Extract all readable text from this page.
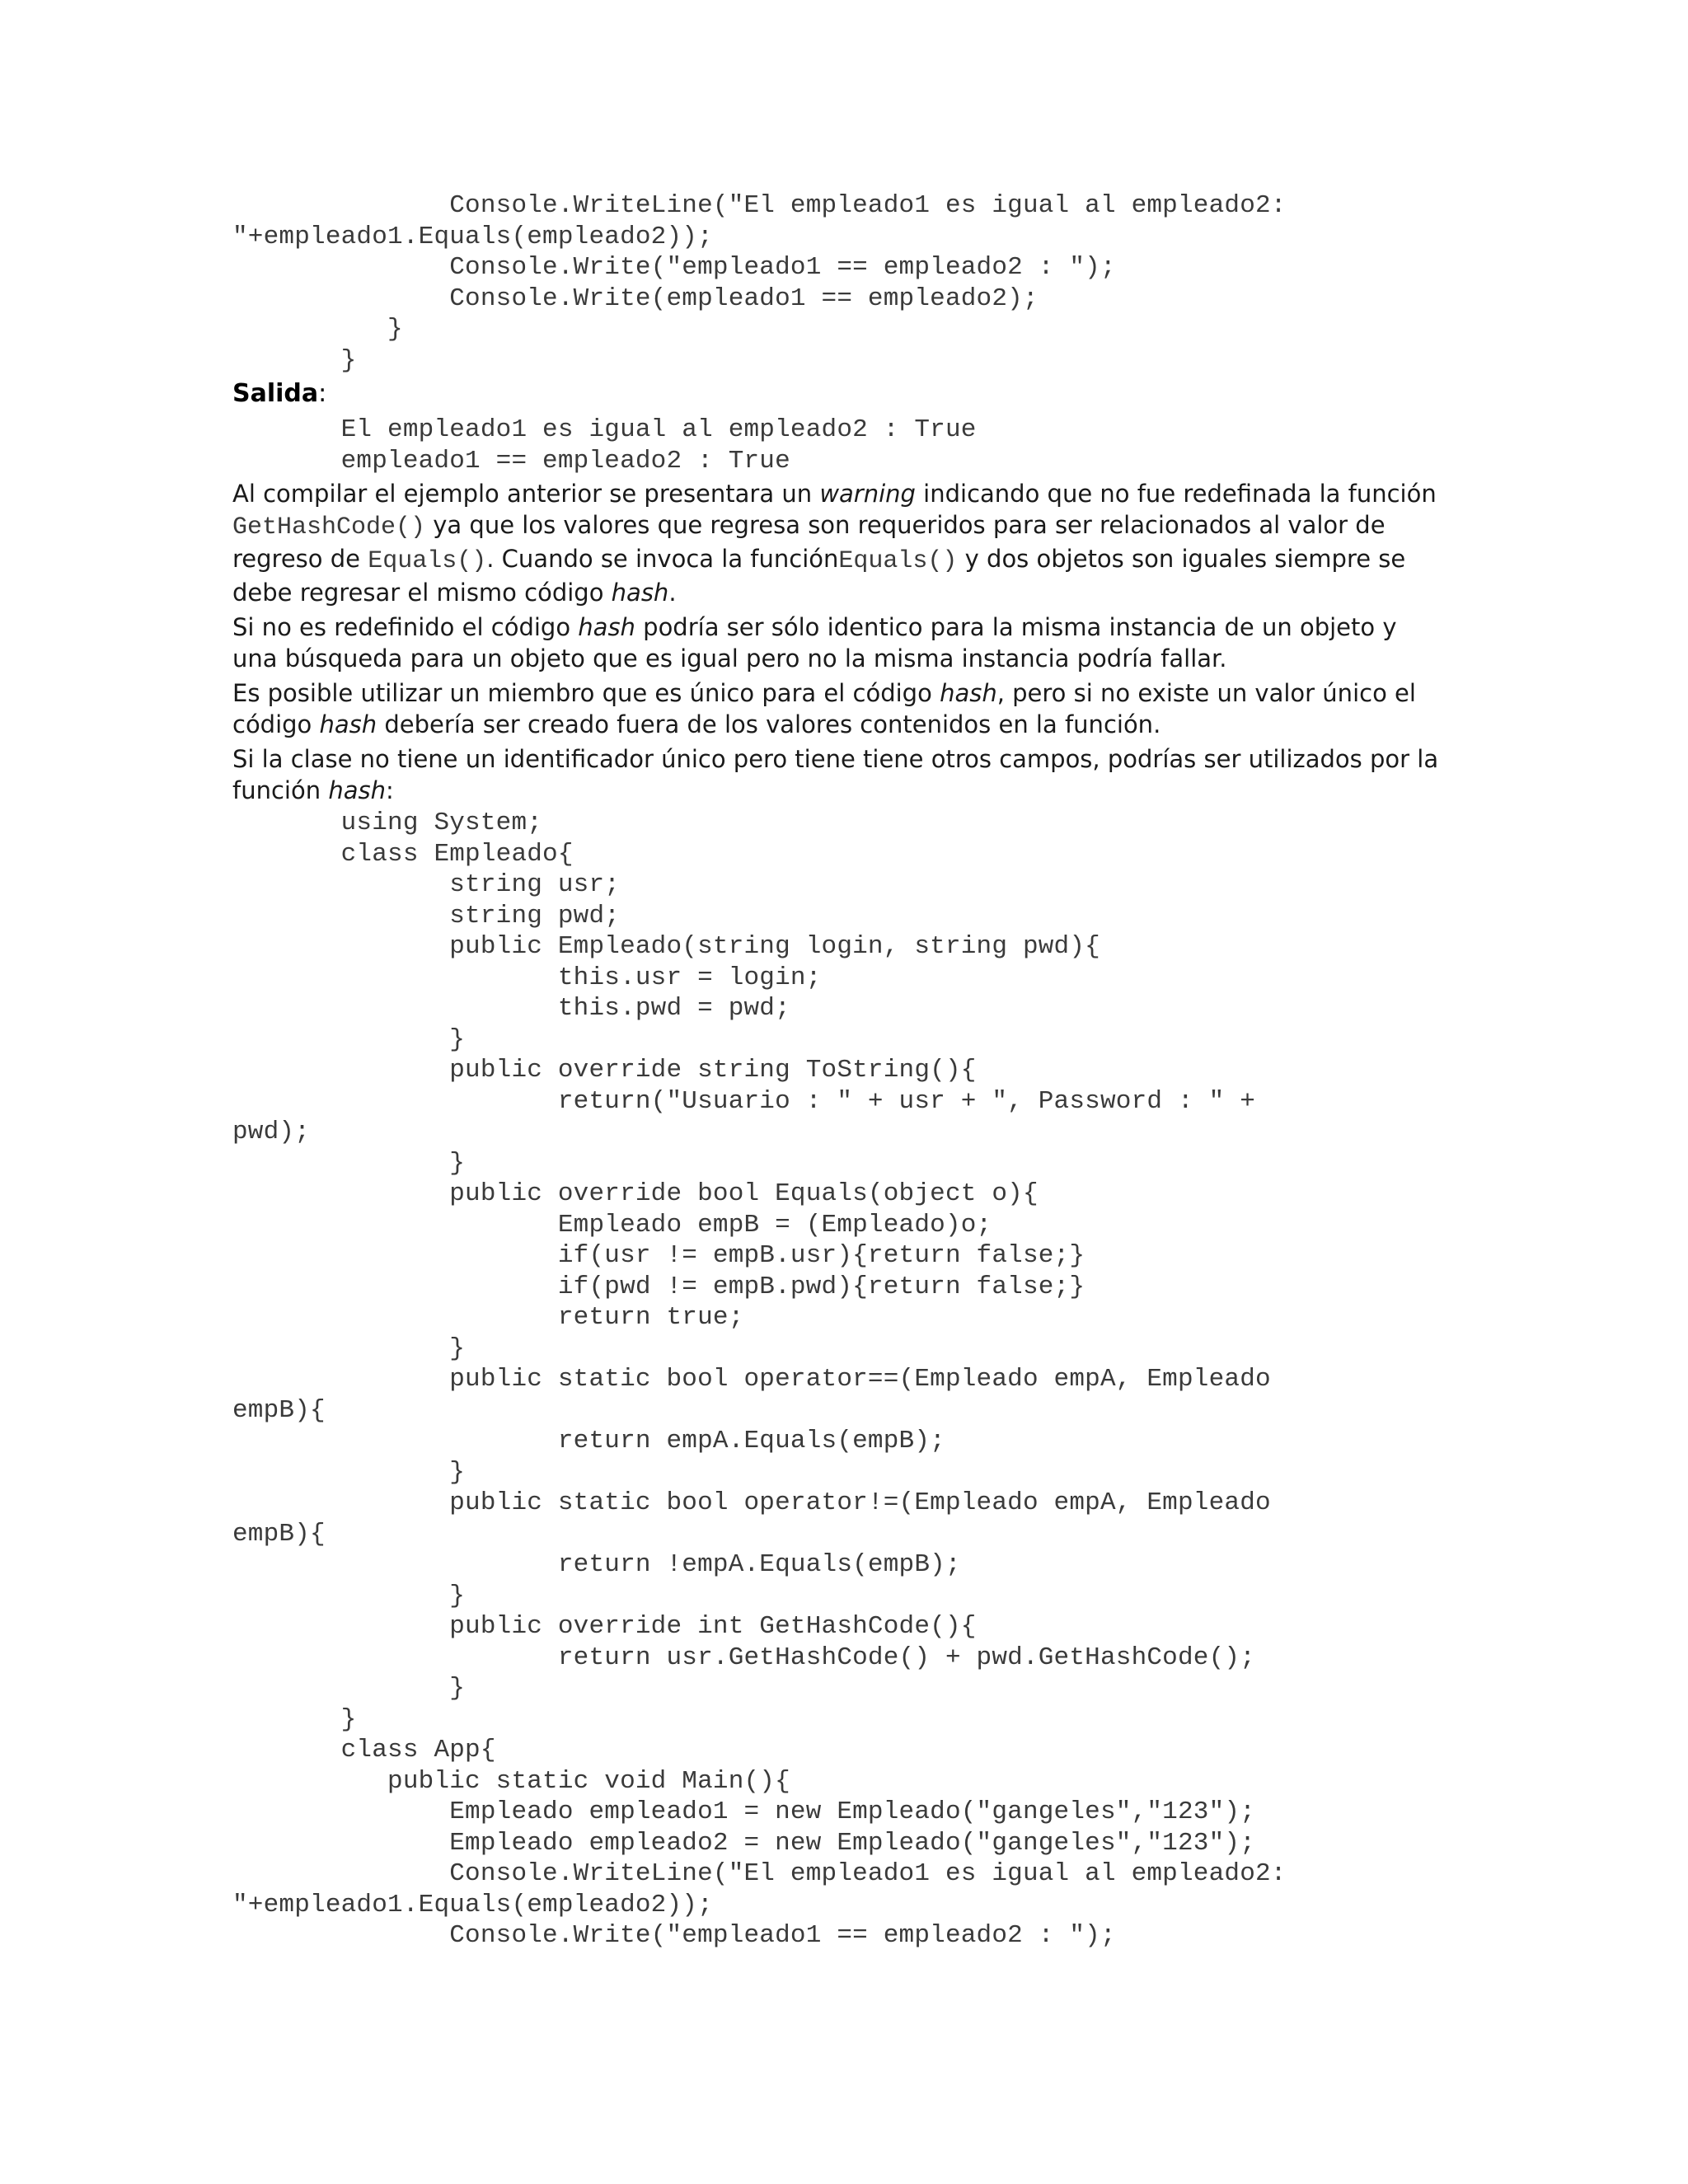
Console.WriteLine("El empleado1 es igual al empleado2:
"+empleado1.Equals(empleado2));
Console.Write("empleado1 == empleado2 : ");
Console.Write(empleado1 == empleado2);
}
}

Salida:
El empleado1 es igual al empleado2 : True
empleado1 == empleado2 : True

Al compilar el ejemplo anterior se presentara un warning indicando que no fue redefinada la función GetHashCode() ya que los valores que regresa son requeridos para ser relacionados al valor de regreso de Equals(). Cuando se invoca la funciónEquals() y dos objetos son iguales siempre se debe regresar el mismo código hash.

Si no es redefinido el código hash podría ser sólo identico para la misma instancia de un objeto y una búsqueda para un objeto que es igual pero no la misma instancia podría fallar.

Es posible utilizar un miembro que es único para el código hash, pero si no existe un valor único el código hash debería ser creado fuera de los valores contenidos en la función.

Si la clase no tiene un identificador único pero tiene tiene otros campos, podrías ser utilizados por la función hash:

using System;
class Empleado{
string usr;
string pwd;
public Empleado(string login, string pwd){
this.usr = login;
this.pwd = pwd;
}
public override string ToString(){
return("Usuario : " + usr + ", Password : " +
pwd);
}
public override bool Equals(object o){
Empleado empB = (Empleado)o;
if(usr != empB.usr){return false;}
if(pwd != empB.pwd){return false;}
return true;
}
public static bool operator==(Empleado empA, Empleado
empB){
return empA.Equals(empB);
}
public static bool operator!=(Empleado empA, Empleado
empB){
return !empA.Equals(empB);
}
public override int GetHashCode(){
return usr.GetHashCode() + pwd.GetHashCode();
}
}
class App{
public static void Main(){
Empleado empleado1 = new Empleado("gangeles","123");
Empleado empleado2 = new Empleado("gangeles","123");
Console.WriteLine("El empleado1 es igual al empleado2:
"+empleado1.Equals(empleado2));
Console.Write("empleado1 == empleado2 : ");
